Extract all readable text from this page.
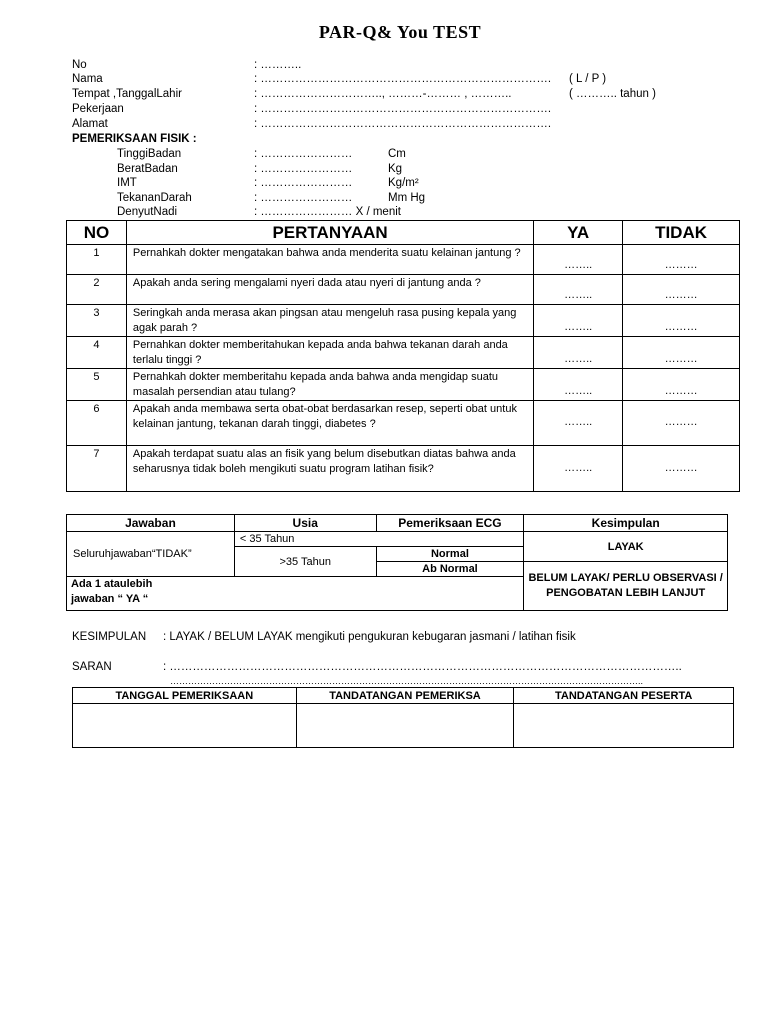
PAR-Q& You TEST
No	: ………..
Nama	: …………………………………………………………………. ( L / P )
Tempat ,TanggalLahir	: ………………………….., ………-……… , ………..	( ……….. tahun )
Pekerjaan	: ………………………………………………………………….
Alamat	: ………………………………………………………………….
PEMERIKSAAN FISIK :
TinggiBadan	: ……………………	Cm
BeratBadan	: ……………………	Kg
IMT	: ……………………	Kg/m²
TekananDarah	: ……………………	Mm Hg
DenyutNadi	: …………………… X / menit
NO	PERTANYAAN	YA	TIDAK
1	Pernahkah dokter mengatakan bahwa anda menderita suatu kelainan jantung ?	……..	………
2	Apakah anda sering mengalami nyeri dada atau nyeri di jantung anda ?	……..	………
3	Seringkah anda merasa akan pingsan atau mengeluh rasa pusing kepala yang agak parah ?	……..	………
4	Pernahkan dokter memberitahukan kepada anda bahwa tekanan darah anda terlalu tinggi ?	……..	………
5	Pernahkah dokter memberitahu kepada anda bahwa anda mengidap suatu masalah persendian atau tulang?	……..	………
6	Apakah anda membawa serta obat-obat berdasarkan resep, seperti obat untuk kelainan jantung, tekanan darah tinggi, diabetes ?	……..	………
7	Apakah terdapat suatu alas an fisik yang belum disebutkan diatas bahwa anda seharusnya tidak boleh mengikuti suatu program latihan fisik?	……..	………
Jawaban	Usia	Pemeriksaan ECG	Kesimpulan
Seluruhjawaban“TIDAK”	< 35 Tahun		LAYAK
	>35 Tahun	Normal	
		Ab Normal	BELUM LAYAK/ PERLU OBSERVASI / PENGOBATAN LEBIH LANJUT

Ada 1 ataulebih jawaban “ YA “			
KESIMPULAN : LAYAK / BELUM LAYAK mengikuti pengukuran kebugaran jasmani / latihan fisik
SARAN	: ……………………………………………………………………………………………………………………..
…………………………………………………………………………………………………………………………………………..
TANGGAL PEMERIKSAAN	TANDATANGAN PEMERIKSA	TANDATANGAN PESERTA
